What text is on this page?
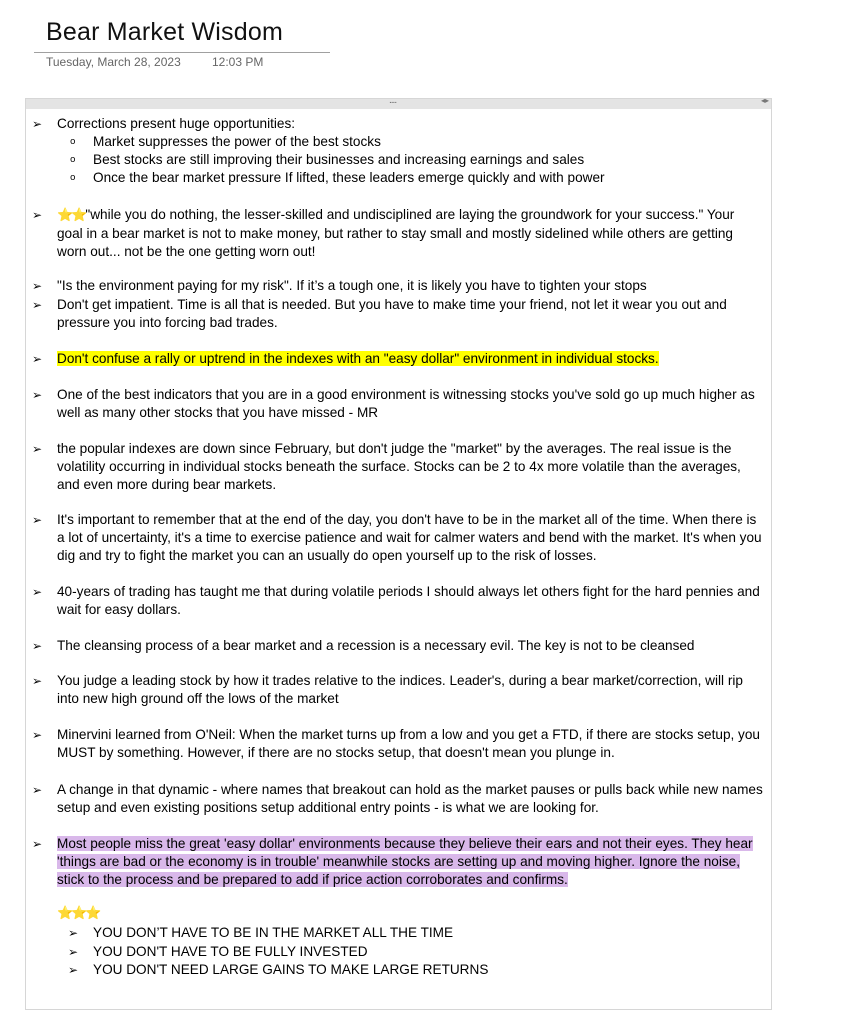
Bear Market Wisdom
Tuesday, March 28, 2023	12:03 PM
....	◂▸
➢ Corrections present huge opportunities:
o	Market suppresses the power of the best stocks
o	Best stocks are still improving their businesses and increasing earnings and sales
o	Once the bear market pressure If lifted, these leaders emerge quickly and with power
➢	⭐⭐"while you do nothing, the lesser-skilled and undisciplined are laying the groundwork for your success." Your goal in a bear market is not to make money, but rather to stay small and mostly sidelined while others are getting worn out... not be the one getting worn out!
➢ "Is the environment paying for my risk". If it’s a tough one, it is likely you have to tighten your stops
➢ Don't get impatient. Time is all that is needed. But you have to make time your friend, not let it wear you out and pressure you into forcing bad trades.
➢ Don't confuse a rally or uptrend in the indexes with an "easy dollar" environment in individual stocks.
➢ One of the best indicators that you are in a good environment is witnessing stocks you've sold go up much higher as well as many other stocks that you have missed - MR
➢ the popular indexes are down since February, but don't judge the "market" by the averages. The real issue is the volatility occurring in individual stocks beneath the surface. Stocks can be 2 to 4x more volatile than the averages, and even more during bear markets.
➢ It's important to remember that at the end of the day, you don't have to be in the market all of the time. When there is a lot of uncertainty, it's a time to exercise patience and wait for calmer waters and bend with the market. It's when you dig and try to fight the market you can an usually do open yourself up to the risk of losses.
➢ 40-years of trading has taught me that during volatile periods I should always let others fight for the hard pennies and wait for easy dollars.
➢ The cleansing process of a bear market and a recession is a necessary evil. The key is not to be cleansed
➢ You judge a leading stock by how it trades relative to the indices. Leader's, during a bear market/correction, will rip into new high ground off the lows of the market
➢ Minervini learned from O'Neil: When the market turns up from a low and you get a FTD, if there are stocks setup, you MUST by something. However, if there are no stocks setup, that doesn't mean you plunge in.
➢ A change in that dynamic - where names that breakout can hold as the market pauses or pulls back while new names setup and even existing positions setup additional entry points - is what we are looking for.
➢ Most people miss the great 'easy dollar' environments because they believe their ears and not their eyes. They hear 'things are bad or the economy is in trouble' meanwhile stocks are setting up and moving higher. Ignore the noise, stick to the process and be prepared to add if price action corroborates and confirms.
⭐⭐⭐
➢ YOU DON’T HAVE TO BE IN THE MARKET ALL THE TIME
➢ YOU DON'T HAVE TO BE FULLY INVESTED
➢ YOU DON'T NEED LARGE GAINS TO MAKE LARGE RETURNS
